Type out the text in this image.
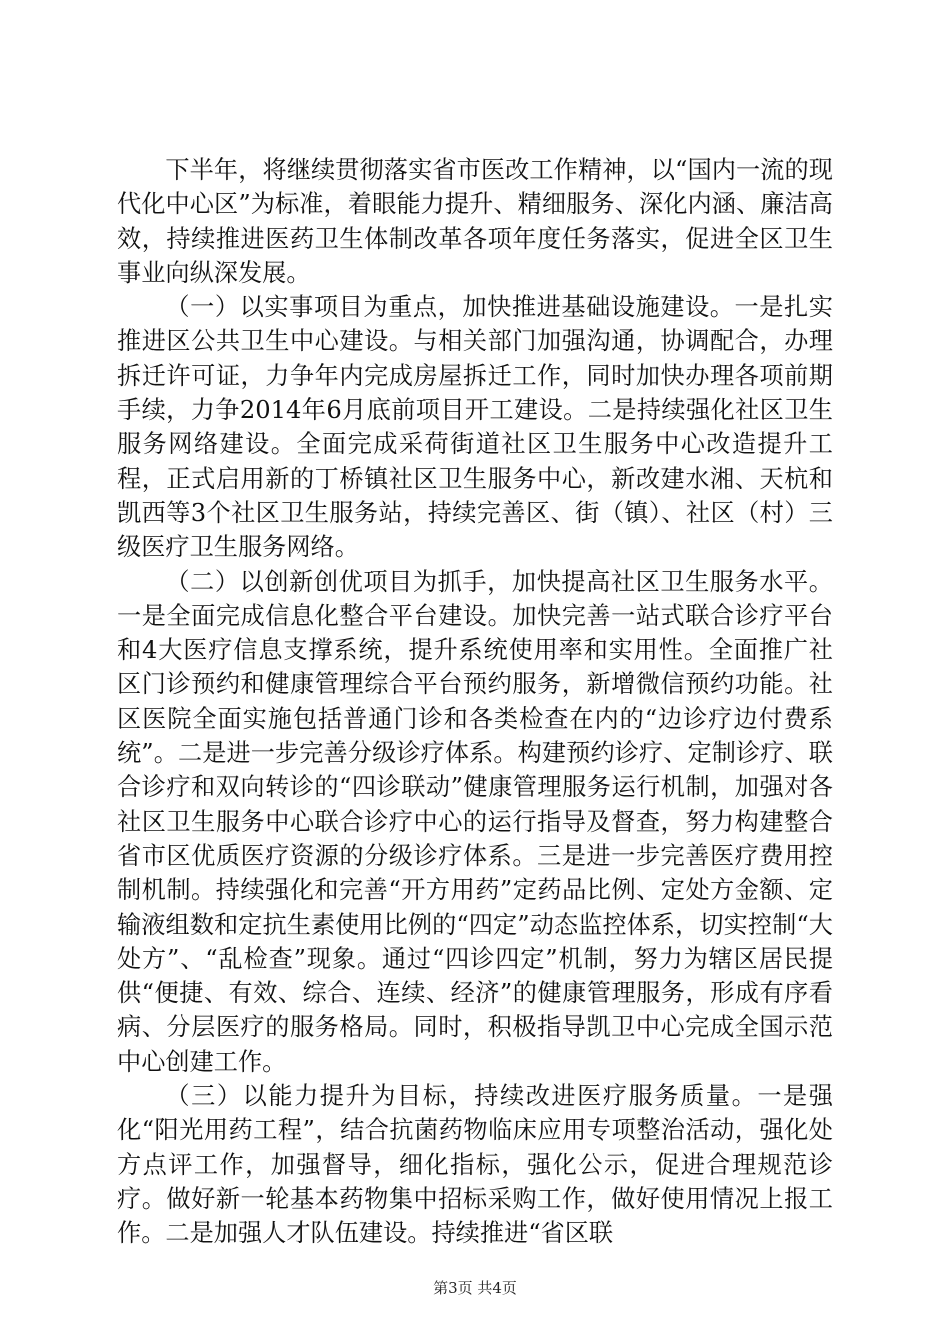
下半年，将继续贯彻落实省市医改工作精神，以“国内一流的现代化中心区”为标准，着眼能力提升、精细服务、深化内涵、廉洁高效，持续推进医药卫生体制改革各项年度任务落实，促进全区卫生事业向纵深发展。

（一）以实事项目为重点，加快推进基础设施建设。一是扎实推进区公共卫生中心建设。与相关部门加强沟通，协调配合，办理拆迁许可证，力争年内完成房屋拆迁工作，同时加快办理各项前期手续，力争2014年6月底前项目开工建设。二是持续强化社区卫生服务网络建设。全面完成采荷街道社区卫生服务中心改造提升工程，正式启用新的丁桥镇社区卫生服务中心，新改建水湘、天杭和凯西等3个社区卫生服务站，持续完善区、街（镇）、社区（村）三级医疗卫生服务网络。

（二）以创新创优项目为抓手，加快提高社区卫生服务水平。一是全面完成信息化整合平台建设。加快完善一站式联合诊疗平台和4大医疗信息支撑系统，提升系统使用率和实用性。全面推广社区门诊预约和健康管理综合平台预约服务，新增微信预约功能。社区医院全面实施包括普通门诊和各类检查在内的“边诊疗边付费系统”。二是进一步完善分级诊疗体系。构建预约诊疗、定制诊疗、联合诊疗和双向转诊的“四诊联动”健康管理服务运行机制，加强对各社区卫生服务中心联合诊疗中心的运行指导及督查，努力构建整合省市区优质医疗资源的分级诊疗体系。三是进一步完善医疗费用控制机制。持续强化和完善“开方用药”定药品比例、定处方金额、定输液组数和定抗生素使用比例的“四定”动态监控体系，切实控制“大处方”、“乱检查”现象。通过“四诊四定”机制，努力为辖区居民提供“便捷、有效、综合、连续、经济”的健康管理服务，形成有序看病、分层医疗的服务格局。同时，积极指导凯卫中心完成全国示范中心创建工作。

（三）以能力提升为目标，持续改进医疗服务质量。一是强化“阳光用药工程”，结合抗菌药物临床应用专项整治活动，强化处方点评工作，加强督导，细化指标，强化公示，促进合理规范诊疗。做好新一轮基本药物集中招标采购工作，做好使用情况上报工作。二是加强人才队伍建设。持续推进“省区联

第3页 共4页
